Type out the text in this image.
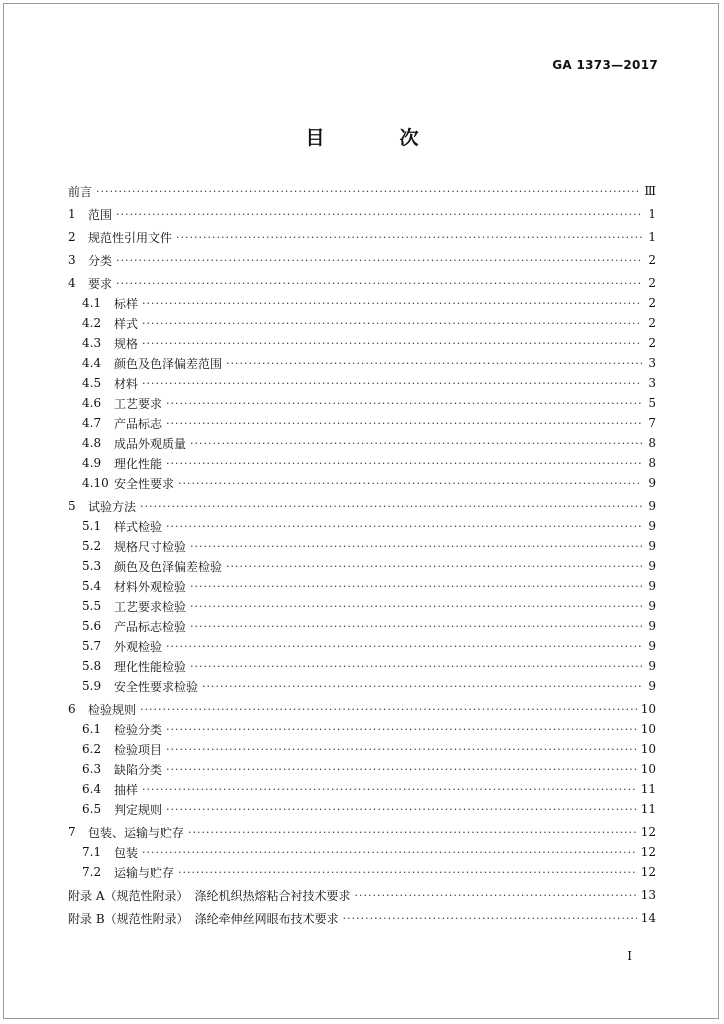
GA 1373—2017
目　次
前言 ·····	Ⅲ
1	范围 ·····	1
2	规范性引用文件 ·····	1
3	分类 ·····	2
4	要求 ·····	2
4.1	标样 ·····	2
4.2	样式 ·····	2
4.3	规格 ·····	2
4.4	颜色及色泽偏差范围 ·····	3
4.5	材料 ·····	3
4.6	工艺要求 ·····	5
4.7	产品标志 ·····	7
4.8	成品外观质量 ·····	8
4.9	理化性能 ·····	8
4.10 安全性要求 ·····	9
5	试验方法 ·····	9
5.1	样式检验 ·····	9
5.2	规格尺寸检验 ·····	9
5.3	颜色及色泽偏差检验 ·····	9
5.4	材料外观检验 ·····	9
5.5	工艺要求检验 ·····	9
5.6	产品标志检验 ·····	9
5.7	外观检验 ·····	9
5.8	理化性能检验 ·····	9
5.9	安全性要求检验 ·····	9
6	检验规则 ·····	10
6.1	检验分类 ·····	10
6.2	检验项目 ·····	10
6.3	缺陷分类 ·····	10
6.4	抽样 ·····	11
6.5	判定规则 ·····	11
7	包装、运输与贮存 ·····	12
7.1	包装 ·····	12
7.2	运输与贮存 ·····	12
附录 A（规范性附录）　涤纶机织热熔粘合衬技术要求 ·····	13
附录 B（规范性附录）　涤纶牵伸丝网眼布技术要求 ·····	14
I
